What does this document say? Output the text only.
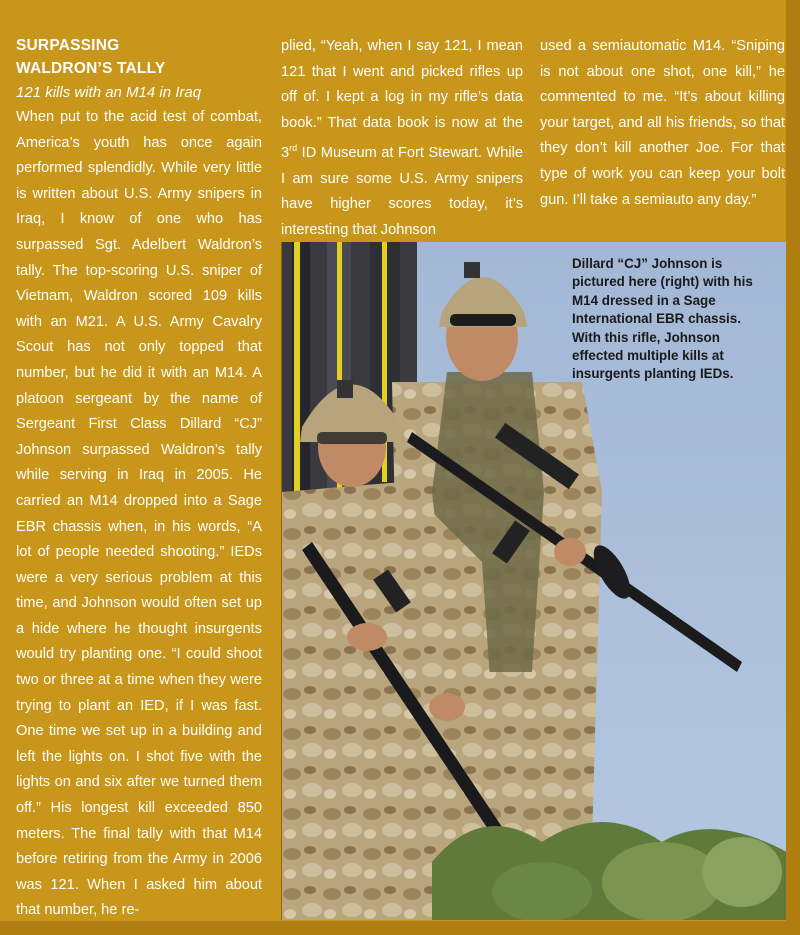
SURPASSING
WALDRON’S TALLY

121 kills with an M14 in Iraq

When put to the acid test of combat, America’s youth has once again performed splendidly. While very little is written about U.S. Army snipers in Iraq, I know of one who has surpassed Sgt. Adelbert Waldron’s tally. The top-scoring U.S. sniper of Vietnam, Waldron scored 109 kills with an M21. A U.S. Army Cavalry Scout has not only topped that number, but he did it with an M14. A platoon sergeant by the name of Sergeant First Class Dillard “CJ” Johnson surpassed Waldron’s tally while serving in Iraq in 2005. He carried an M14 dropped into a Sage EBR chassis when, in his words, “A lot of people needed shooting.” IEDs were a very serious problem at this time, and Johnson would often set up a hide where he thought insurgents would try planting one. “I could shoot two or three at a time when they were trying to plant an IED, if I was fast. One time we set up in a building and left the lights on. I shot five with the lights on and six after we turned them off.” His longest kill exceeded 850 meters. The final tally with that M14 before retiring from the Army in 2006 was 121. When I asked him about that number, he re-

plied, “Yeah, when I say 121, I mean 121 that I went and picked rifles up off of. I kept a log in my rifle’s data book.” That data book is now at the 3rd ID Museum at Fort Stewart. While I am sure some U.S. Army snipers have higher scores today, it’s interesting that Johnson

used a semiautomatic M14. “Sniping is not about one shot, one kill,” he commented to me. “It’s about killing your target, and all his friends, so that they don’t kill another Joe. For that type of work you can keep your bolt gun. I’ll take a semiauto any day.”

Dillard “CJ” Johnson is pictured here (right) with his M14 dressed in a Sage International EBR chassis. With this rifle, Johnson effected multiple kills at insurgents planting IEDs.
